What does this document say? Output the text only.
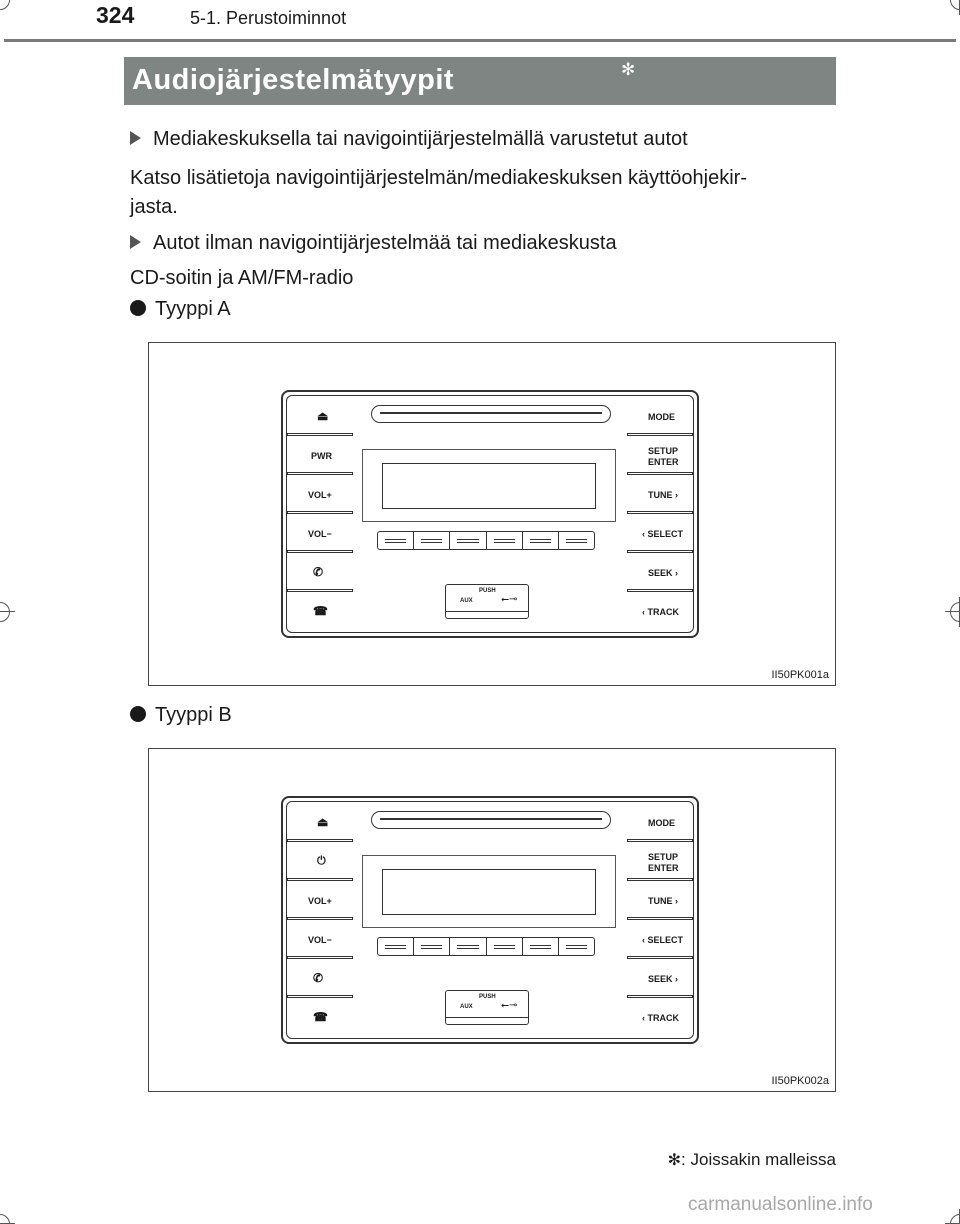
324	5-1. Perustoiminnot
Audiojärjestelmätyypit	✻
Mediakeskuksella tai navigointijärjestelmällä varustetut autot
Katso lisätietoja navigointijärjestelmän/mediakeskuksen käyttöohjekir-
jasta.
Autot ilman navigointijärjestelmää tai mediakeskusta
CD-soitin ja AM/FM-radio
Tyyppi A
⏏
PWR
VOL+
VOL−
✆
☎
MODE
SETUP
ENTER
TUNE ›
‹ SELECT
SEEK ›
‹ TRACK
PUSH
AUX	⭠⊸
II50PK001a
Tyyppi B
⏏
⏻
VOL+
VOL−
✆
☎
MODE
SETUP
ENTER
TUNE ›
‹ SELECT
SEEK ›
‹ TRACK
PUSH
AUX	⭠⊸
II50PK002a
✻: Joissakin malleissa
carmanualsonline.info
